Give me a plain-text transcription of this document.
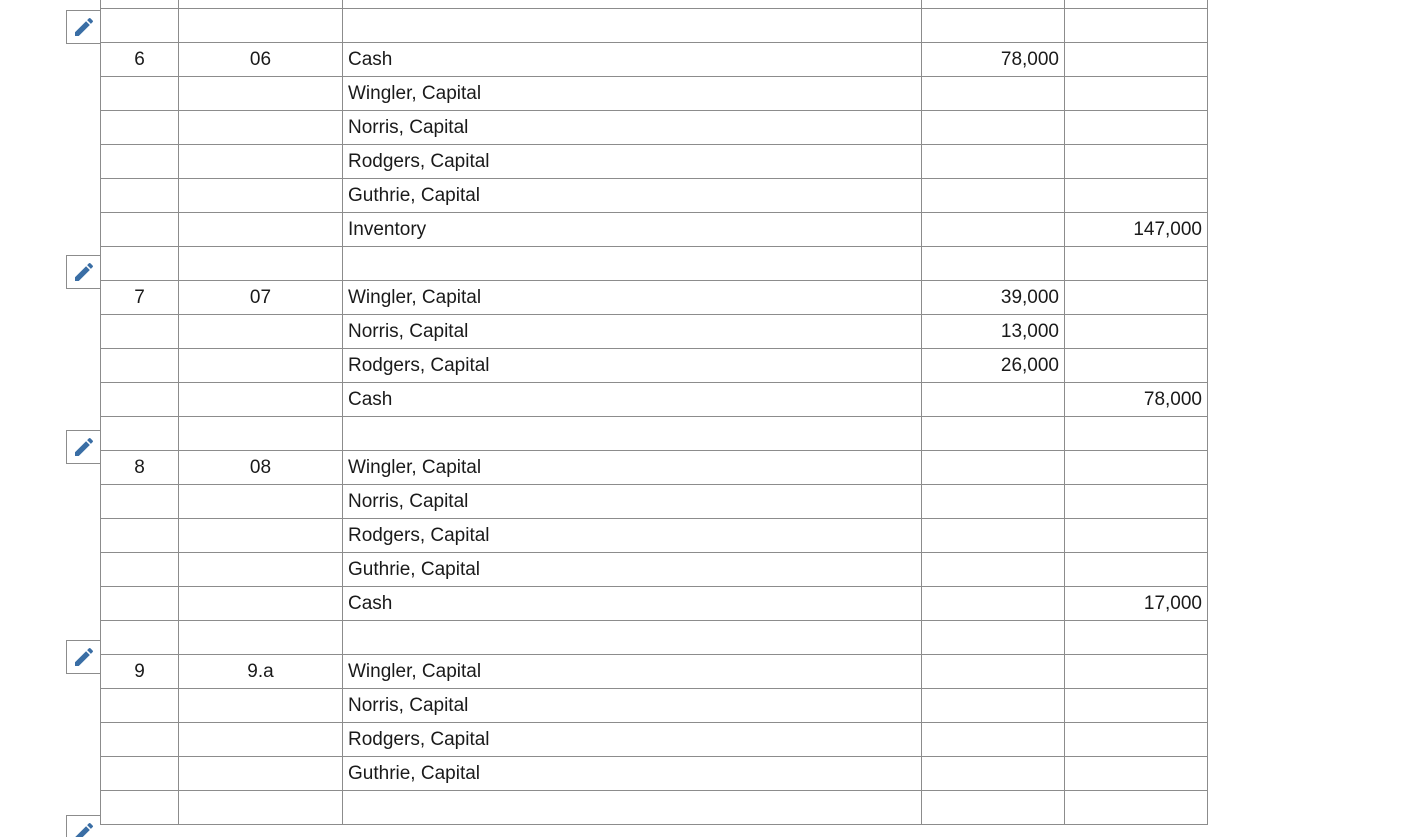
6	06	Cash	78,000	
		Wingler, Capital		
		Norris, Capital		
		Rodgers, Capital		
		Guthrie, Capital		
		Inventory		147,000

7	07	Wingler, Capital	39,000	
		Norris, Capital	13,000	
		Rodgers, Capital	26,000	
		Cash		78,000

8	08	Wingler, Capital		
		Norris, Capital		
		Rodgers, Capital		
		Guthrie, Capital		
		Cash		17,000

9	9.a	Wingler, Capital		
		Norris, Capital		
		Rodgers, Capital		
		Guthrie, Capital		
